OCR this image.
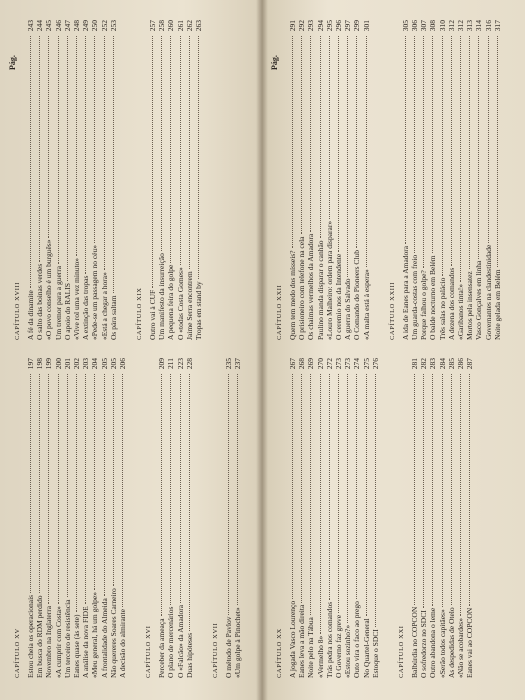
Pág.
CAPÍTULO XV Estou cheia os operacionais
197
Em busca do RDM perdido
198
Novembro na Inglaterra
199
«A cumprir com Costa»
200
Um terceiro de resistência
201
Eanes quase (às sete)
202
A análise da nova FIDE
203
«Meu general, há um golpe»
204
A frontalidade do Almeida
205
Não quereres Soares Carneiro
205
A decisão do almirante
206
CAPÍTULO XVI Perceber da ameaça
209
O plano de mercenários
211
O «Falcão» da Amadora
223
Duas hipóteses
228
CAPÍTULO XVII O método de Pavlov
235
«Um golpe à Pinochet»
237
CAPÍTULO XVIII A fé da dinamite
243
O salto das boinas verdes
244
«O povo conselho é um burguês»
245
Um tremor para a guerra
246
O apoio do RALIS
247
«Vive rol uma vez minuto»
248
A extinção das tropas
249
«Pede-se um passagem no céu»
250
«Está a chegar a hora»
252
Os pára saltam
253
CAPÍTULO XIX Outro vai à CUF
257
Um manifesto da insurreição
258
A pequena feira do golpe
260
O «todas Costa Gomes»
261
Jaime Serra encontrem
262
Tropas em stand by
263
Pág.
CAPÍTULO XX A jogada Vasco Lourenço
267
Eanes leva a mão direita
268
Noite pelo na Tábua
269
«Vermelho 8»
270
Trás pedra nos comandos
272
O Governo faz greve
273
«Estou sozinho?»
273
Outo vira o faco ao prego
274
No Quartel-General
275
Estoque o SDCI
276
CAPÍTULO XXI Balbúrdia no COPCON
281
O sofredorzo no SDCI
282
Outro abandona o leme
283
«Serão todos capitães»
284
As despedidas de Otelo
285
«Não se acobardes»
286
Eanes vai ao COPCON
287
CAPÍTULO XXII Quem tem medo dos mísseis?
291
O prisioneiro com telefone na cela
292
Os chaimas vermelhos da Amadora
293
Paulino manda disparar o canhão
294
«Louro Malheiro: ordem para disparar»
295
O ceremio nos da Intendente
296
A guerra do Salvado
297
O Comando do Pioneers Club
299
«A malta está à espera»
301
CAPÍTULO XXIII A ida de Eanes para a Amadora
305
Um guarda-costas com freio
306
Porque falhou o golpe?
307
O balde nocturno em Belém
308
Três salas no palácio
310
A dezena dos comandos
312
«Garibanos tinta!»
312
Mortos pela insensatez
313
Vasco Gonçalves em linha
314
Governantes na clandestinidade
316
Noite gelada em Belém
317
